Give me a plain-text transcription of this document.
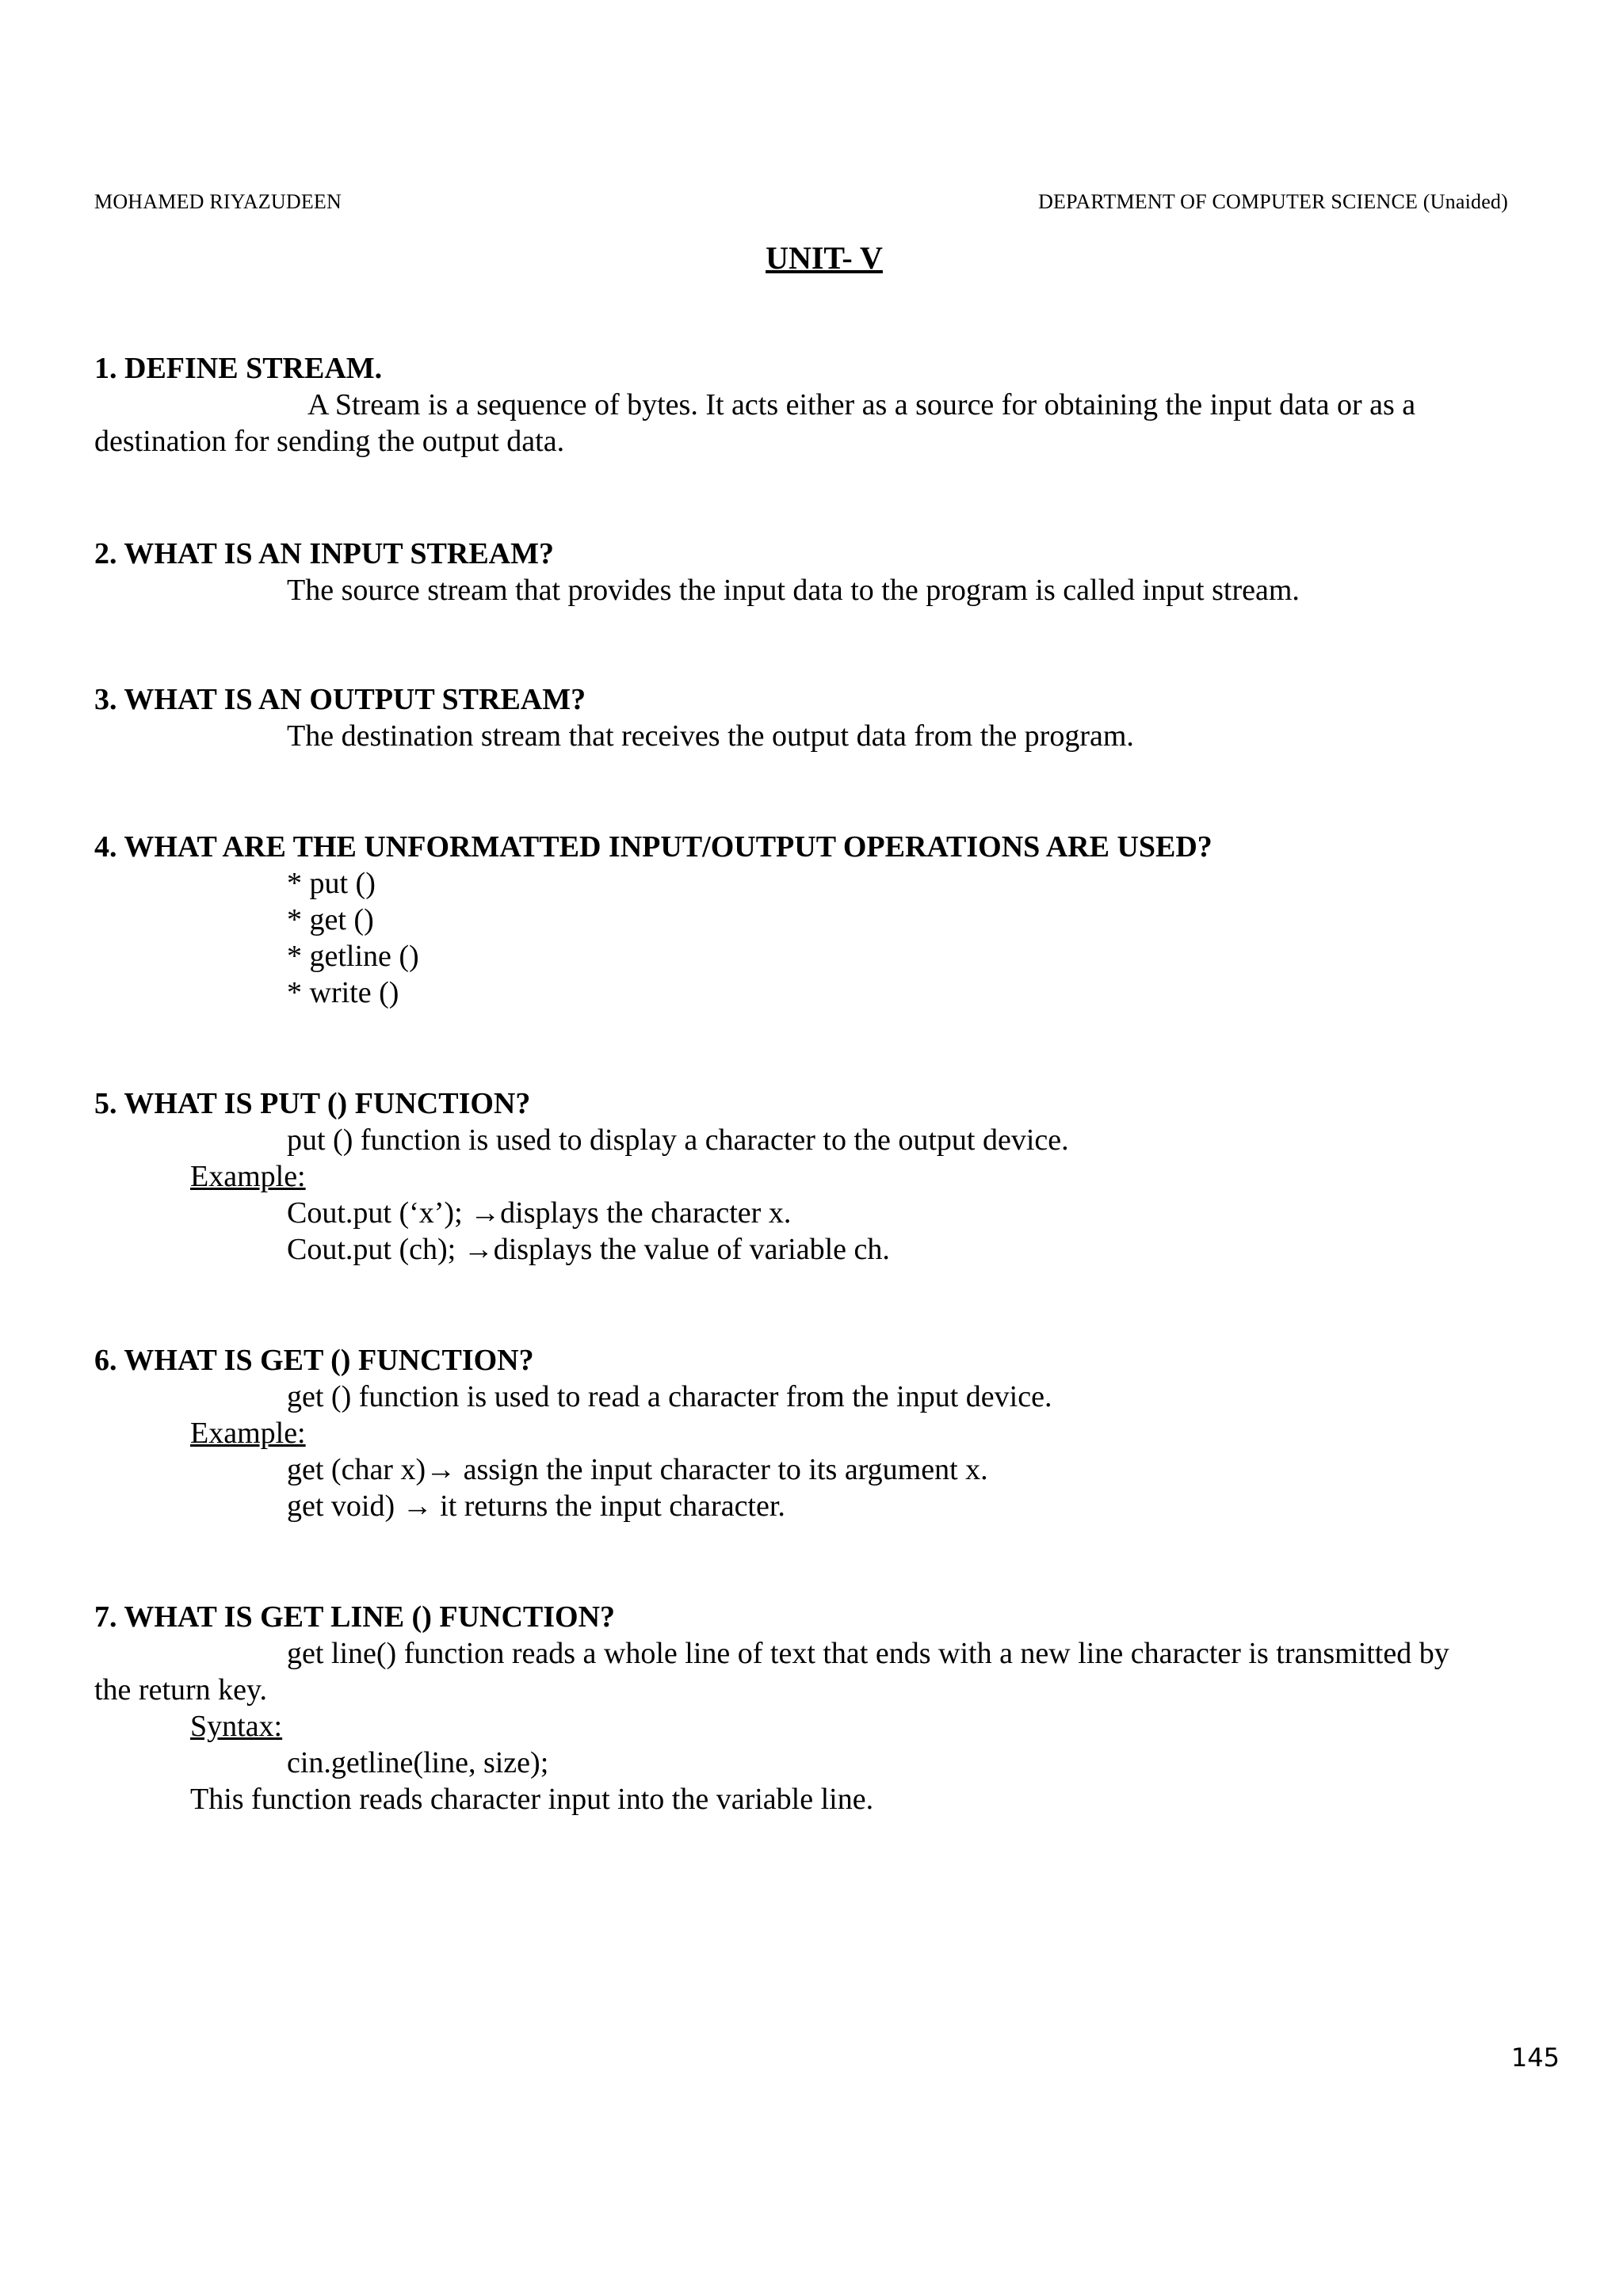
MOHAMED RIYAZUDEEN	DEPARTMENT OF COMPUTER SCIENCE (Unaided)
UNIT- V
1. DEFINE STREAM.
A Stream is a sequence of bytes. It acts either as a source for obtaining the input data or as a
destination for sending the output data.
2. WHAT IS AN INPUT STREAM?
The source stream that provides the input data to the program is called input stream.
3. WHAT IS AN OUTPUT STREAM?
The destination stream that receives the output data from the program.
4. WHAT ARE THE UNFORMATTED INPUT/OUTPUT OPERATIONS ARE USED?
* put ()
* get ()
* getline ()
* write ()
5. WHAT IS PUT () FUNCTION?
put () function is used to display a character to the output device.
Example:
Cout.put (‘x’); →displays the character x.
Cout.put (ch); →displays the value of variable ch.
6. WHAT IS GET () FUNCTION?
get () function is used to read a character from the input device.
Example:
get (char x)→ assign the input character to its argument x.
get void) → it returns the input character.
7. WHAT IS GET LINE () FUNCTION?
get line() function reads a whole line of text that ends with a new line character is transmitted by
the return key.
Syntax:
cin.getline(line, size);
This function reads character input into the variable line.
145
